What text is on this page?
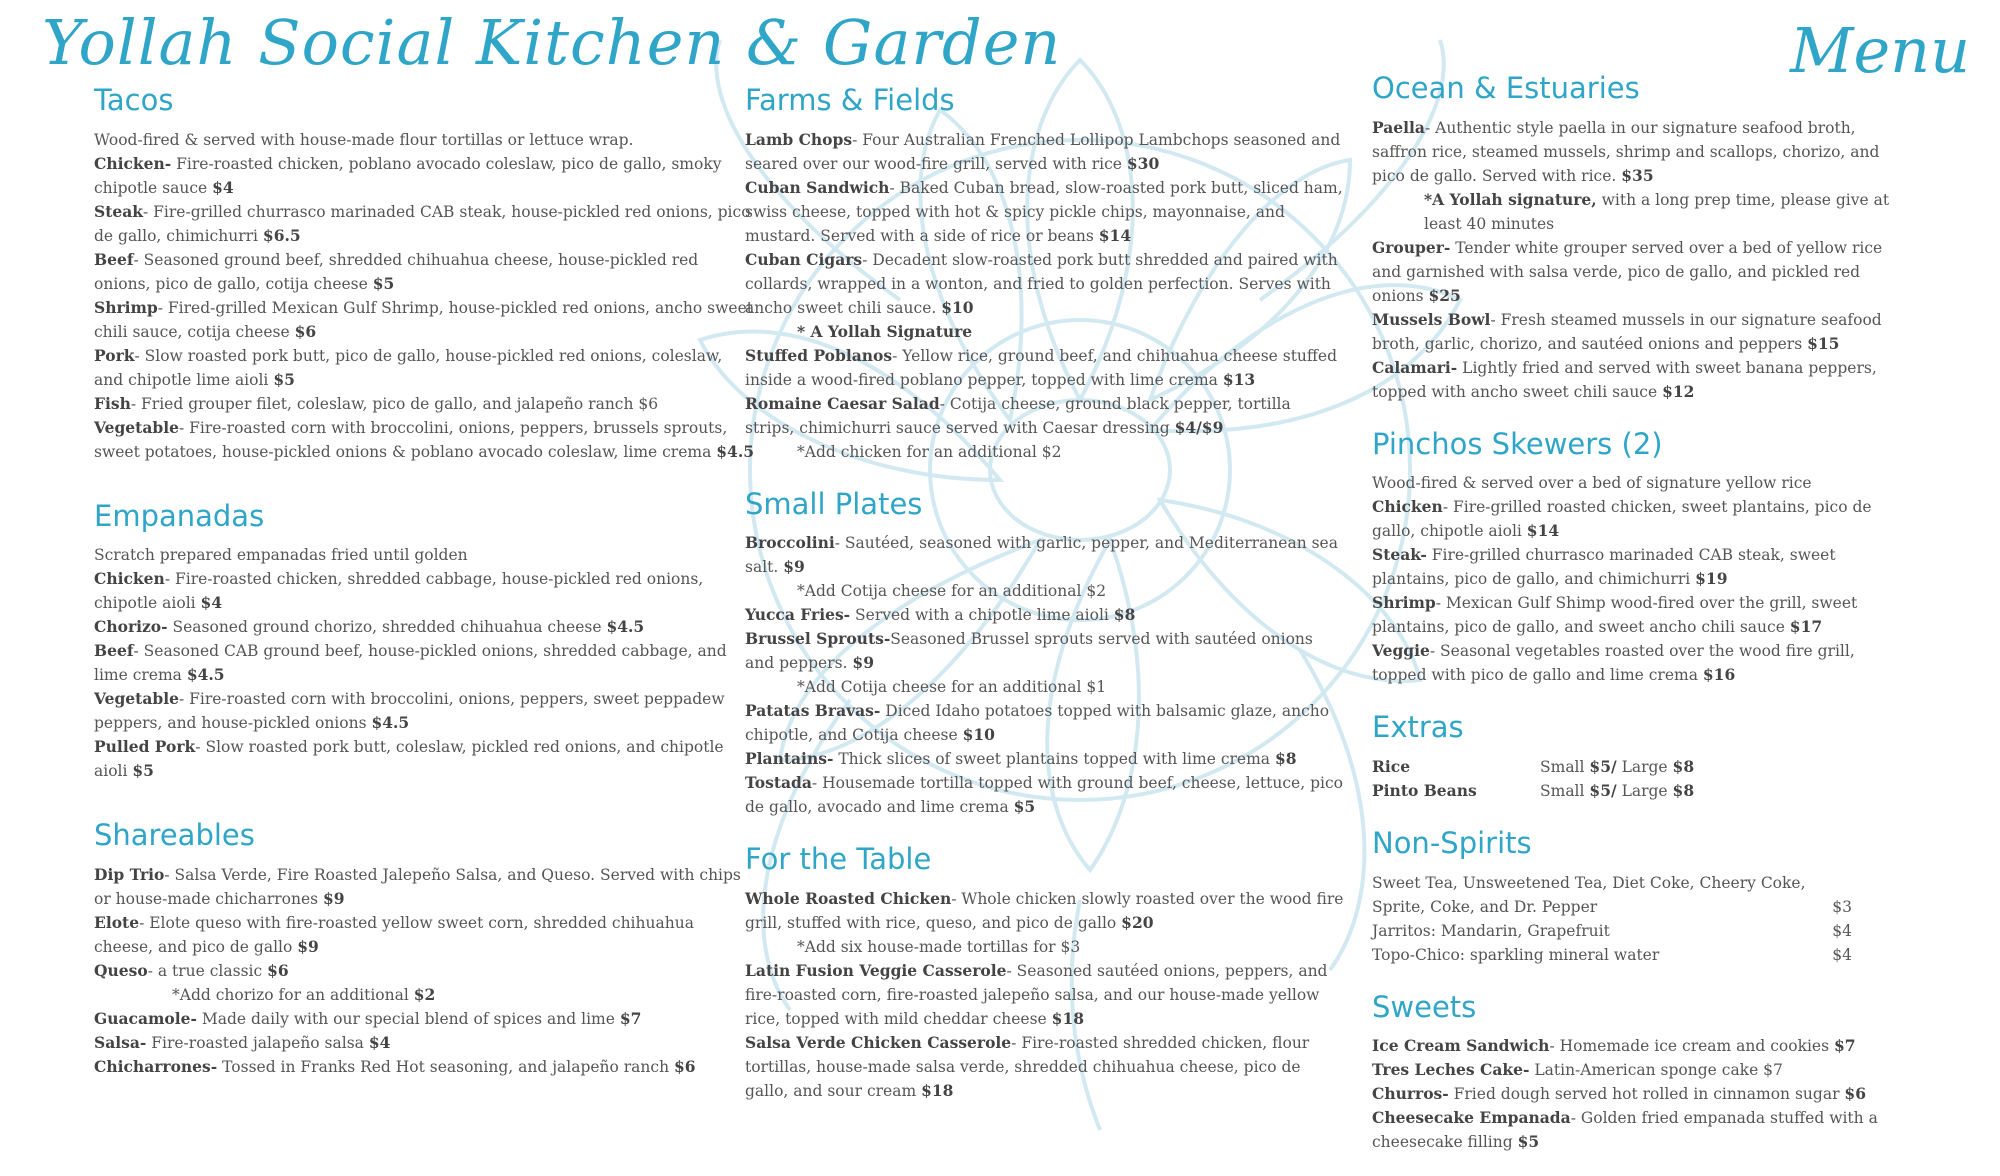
Yollah Social Kitchen & Garden	Menu
Tacos

Wood-fired & served with house-made flour tortillas or lettuce wrap.

Chicken- Fire-roasted chicken, poblano avocado coleslaw, pico de gallo, smoky chipotle sauce $4

Steak- Fire-grilled churrasco marinaded CAB steak, house-pickled red onions, pico de gallo, chimichurri $6.5

Beef- Seasoned ground beef, shredded chihuahua cheese, house-pickled red onions, pico de gallo, cotija cheese $5

Shrimp- Fired-grilled Mexican Gulf Shrimp, house-pickled red onions, ancho sweet chili sauce, cotija cheese $6

Pork- Slow roasted pork butt, pico de gallo, house-pickled red onions, coleslaw, and chipotle lime aioli $5

Fish- Fried grouper filet, coleslaw, pico de gallo, and jalapeño ranch $6

Vegetable- Fire-roasted corn with broccolini, onions, peppers, brussels sprouts, sweet potatoes, house-pickled onions & poblano avocado coleslaw, lime crema $4.5

Empanadas

Scratch prepared empanadas fried until golden

Chicken- Fire-roasted chicken, shredded cabbage, house-pickled red onions, chipotle aioli $4

Chorizo- Seasoned ground chorizo, shredded chihuahua cheese $4.5

Beef- Seasoned CAB ground beef, house-pickled onions, shredded cabbage, and lime crema $4.5

Vegetable- Fire-roasted corn with broccolini, onions, peppers, sweet peppadew peppers, and house-pickled onions $4.5

Pulled Pork- Slow roasted pork butt, coleslaw, pickled red onions, and chipotle aioli $5

Shareables

Dip Trio- Salsa Verde, Fire Roasted Jalepeño Salsa, and Queso. Served with chips or house-made chicharrones $9

Elote- Elote queso with fire-roasted yellow sweet corn, shredded chihuahua cheese, and pico de gallo $9

Queso- a true classic $6

*Add chorizo for an additional $2

Guacamole- Made daily with our special blend of spices and lime $7

Salsa- Fire-roasted jalapeño salsa $4

Chicharrones- Tossed in Franks Red Hot seasoning, and jalapeño ranch $6

Farms & Fields

Lamb Chops- Four Australian Frenched Lollipop Lambchops seasoned and seared over our wood-fire grill, served with rice $30

Cuban Sandwich- Baked Cuban bread, slow-roasted pork butt, sliced ham, swiss cheese, topped with hot & spicy pickle chips, mayonnaise, and mustard. Served with a side of rice or beans $14

Cuban Cigars- Decadent slow-roasted pork butt shredded and paired with collards, wrapped in a wonton, and fried to golden perfection. Serves with ancho sweet chili sauce. $10

* A Yollah Signature

Stuffed Poblanos- Yellow rice, ground beef, and chihuahua cheese stuffed inside a wood-fired poblano pepper, topped with lime crema $13

Romaine Caesar Salad- Cotija cheese, ground black pepper, tortilla strips, chimichurri sauce served with Caesar dressing $4/$9

*Add chicken for an additional $2

Small Plates

Broccolini- Sautéed, seasoned with garlic, pepper, and Mediterranean sea salt. $9

*Add Cotija cheese for an additional $2

Yucca Fries- Served with a chipotle lime aioli $8

Brussel Sprouts-Seasoned Brussel sprouts served with sautéed onions and peppers. $9

*Add Cotija cheese for an additional $1

Patatas Bravas- Diced Idaho potatoes topped with balsamic glaze, ancho chipotle, and Cotija cheese $10

Plantains- Thick slices of sweet plantains topped with lime crema $8

Tostada- Housemade tortilla topped with ground beef, cheese, lettuce, pico de gallo, avocado and lime crema $5

For the Table

Whole Roasted Chicken- Whole chicken slowly roasted over the wood fire grill, stuffed with rice, queso, and pico de gallo $20

*Add six house-made tortillas for $3

Latin Fusion Veggie Casserole- Seasoned sautéed onions, peppers, and fire-roasted corn, fire-roasted jalepeño salsa, and our house-made yellow rice, topped with mild cheddar cheese $18

Salsa Verde Chicken Casserole- Fire-roasted shredded chicken, flour tortillas, house-made salsa verde, shredded chihuahua cheese, pico de gallo, and sour cream $18

Ocean & Estuaries

Paella- Authentic style paella in our signature seafood broth, saffron rice, steamed mussels, shrimp and scallops, chorizo, and pico de gallo. Served with rice. $35

*A Yollah signature, with a long prep time, please give at least 40 minutes

Grouper- Tender white grouper served over a bed of yellow rice and garnished with salsa verde, pico de gallo, and pickled red onions $25

Mussels Bowl- Fresh steamed mussels in our signature seafood broth, garlic, chorizo, and sautéed onions and peppers $15

Calamari- Lightly fried and served with sweet banana peppers, topped with ancho sweet chili sauce $12

Pinchos Skewers (2)

Wood-fired & served over a bed of signature yellow rice

Chicken- Fire-grilled roasted chicken, sweet plantains, pico de gallo, chipotle aioli $14

Steak- Fire-grilled churrasco marinaded CAB steak, sweet plantains, pico de gallo, and chimichurri $19

Shrimp- Mexican Gulf Shimp wood-fired over the grill, sweet plantains, pico de gallo, and sweet ancho chili sauce $17

Veggie- Seasonal vegetables roasted over the wood fire grill, topped with pico de gallo and lime crema $16

Extras
Rice	Small $5/ Large $8
Pinto Beans	Small $5/ Large $8
Non-Spirits
Sweet Tea, Unsweetened Tea, Diet Coke, Cheery Coke,
Sprite, Coke, and Dr. Pepper	$3
Jarritos: Mandarin, Grapefruit	$4
Topo-Chico: sparkling mineral water	$4
Sweets

Ice Cream Sandwich- Homemade ice cream and cookies $7

Tres Leches Cake- Latin-American sponge cake $7

Churros- Fried dough served hot rolled in cinnamon sugar $6

Cheesecake Empanada- Golden fried empanada stuffed with a cheesecake filling $5
